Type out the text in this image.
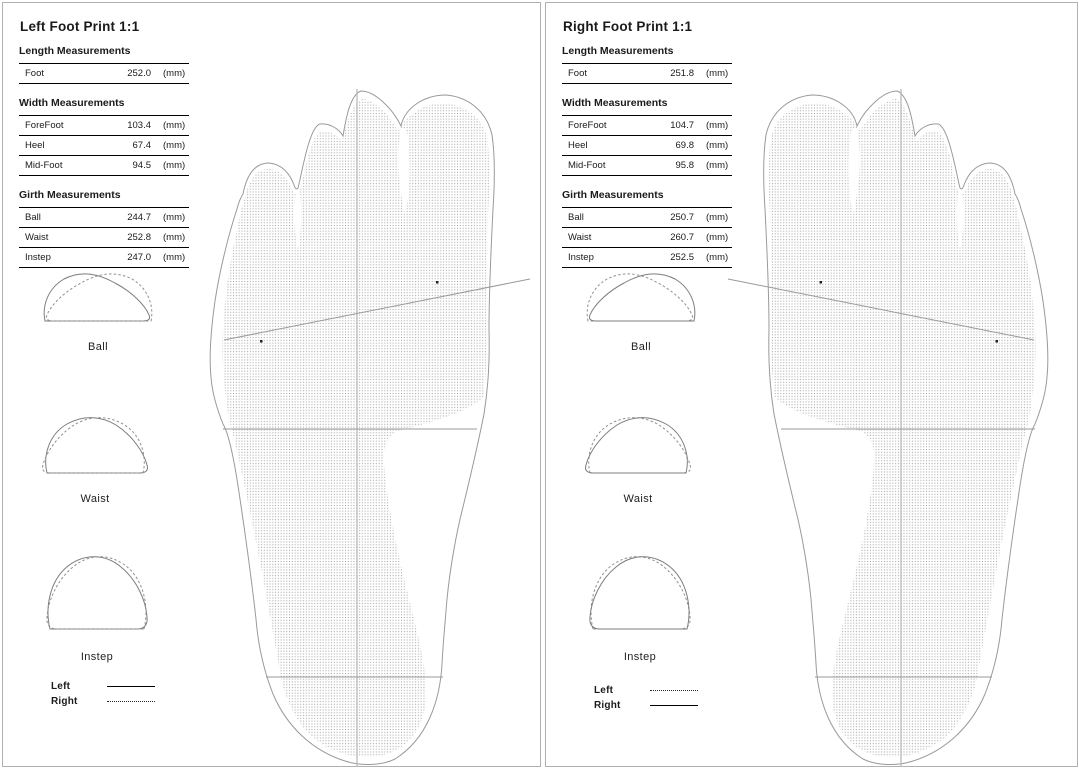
Left Foot Print 1:1
Length Measurements
Foot	252.0	(mm)
Width Measurements
ForeFoot	103.4	(mm)
Heel	67.4	(mm)
Mid-Foot	94.5	(mm)
Girth Measurements
Ball	244.7	(mm)
Waist	252.8	(mm)
Instep	247.0	(mm)
Ball
Waist
Instep
Left
Right
Right Foot Print 1:1
Length Measurements
Foot	251.8	(mm)
Width Measurements
ForeFoot	104.7	(mm)
Heel	69.8	(mm)
Mid-Foot	95.8	(mm)
Girth Measurements
Ball	250.7	(mm)
Waist	260.7	(mm)
Instep	252.5	(mm)
Ball
Waist
Instep
Left
Right
